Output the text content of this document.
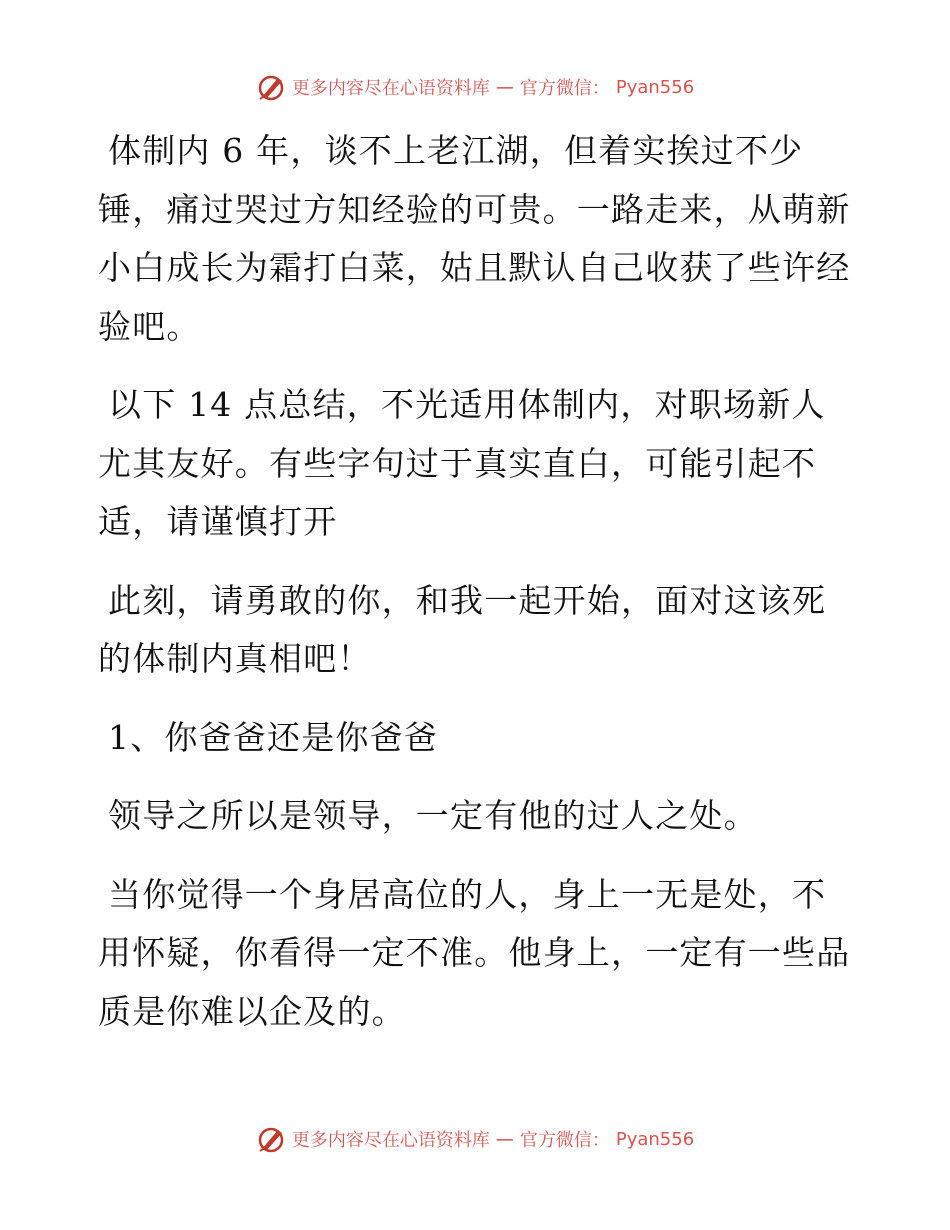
更多内容尽在心语资料库 — 官方微信： Pyan556

体制内 6 年，谈不上老江湖，但着实挨过不少锤，痛过哭过方知经验的可贵。一路走来，从萌新小白成长为霜打白菜，姑且默认自己收获了些许经验吧。

以下 14 点总结，不光适用体制内，对职场新人尤其友好。有些字句过于真实直白，可能引起不适，请谨慎打开

此刻，请勇敢的你，和我一起开始，面对这该死的体制内真相吧！

1、你爸爸还是你爸爸

领导之所以是领导，一定有他的过人之处。

当你觉得一个身居高位的人，身上一无是处，不用怀疑，你看得一定不准。他身上，一定有一些品质是你难以企及的。

更多内容尽在心语资料库 — 官方微信： Pyan556
